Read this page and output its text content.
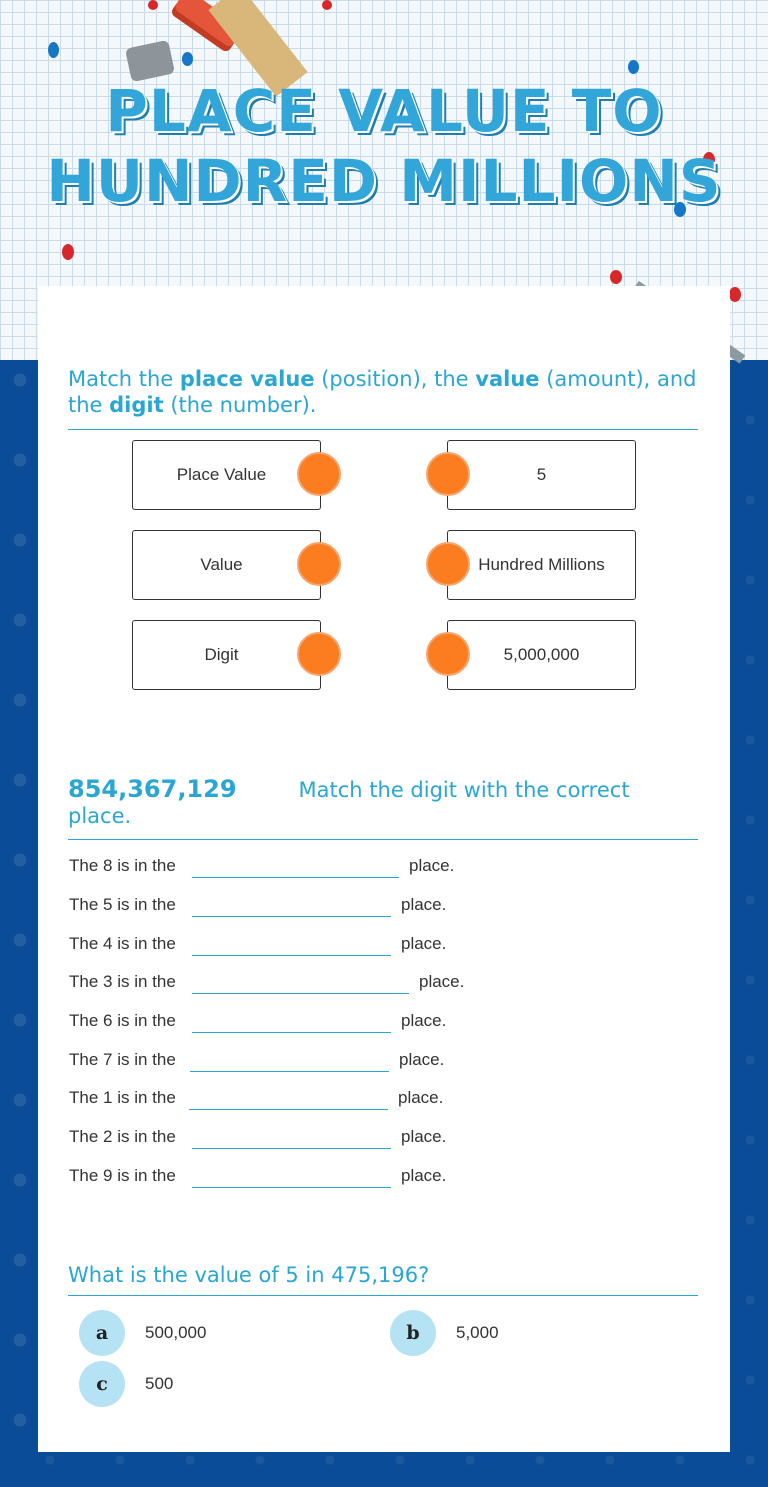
PLACE VALUE TO HUNDRED MILLIONS
Match the place value (position), the value (amount), and the digit (the number).
Place Value
Value
Digit
5
Hundred Millions
5,000,000
854,367,129	Match the digit with the correct place.
The 8 is in the	place.
The 5 is in the	place.
The 4 is in the	place.
The 3 is in the	place.
The 6 is in the	place.
The 7 is in the	place.
The 1 is in the	place.
The 2 is in the	place.
The 9 is in the	place.
What is the value of 5 in 475,196?
a 500,000	b 5,000
c 500
